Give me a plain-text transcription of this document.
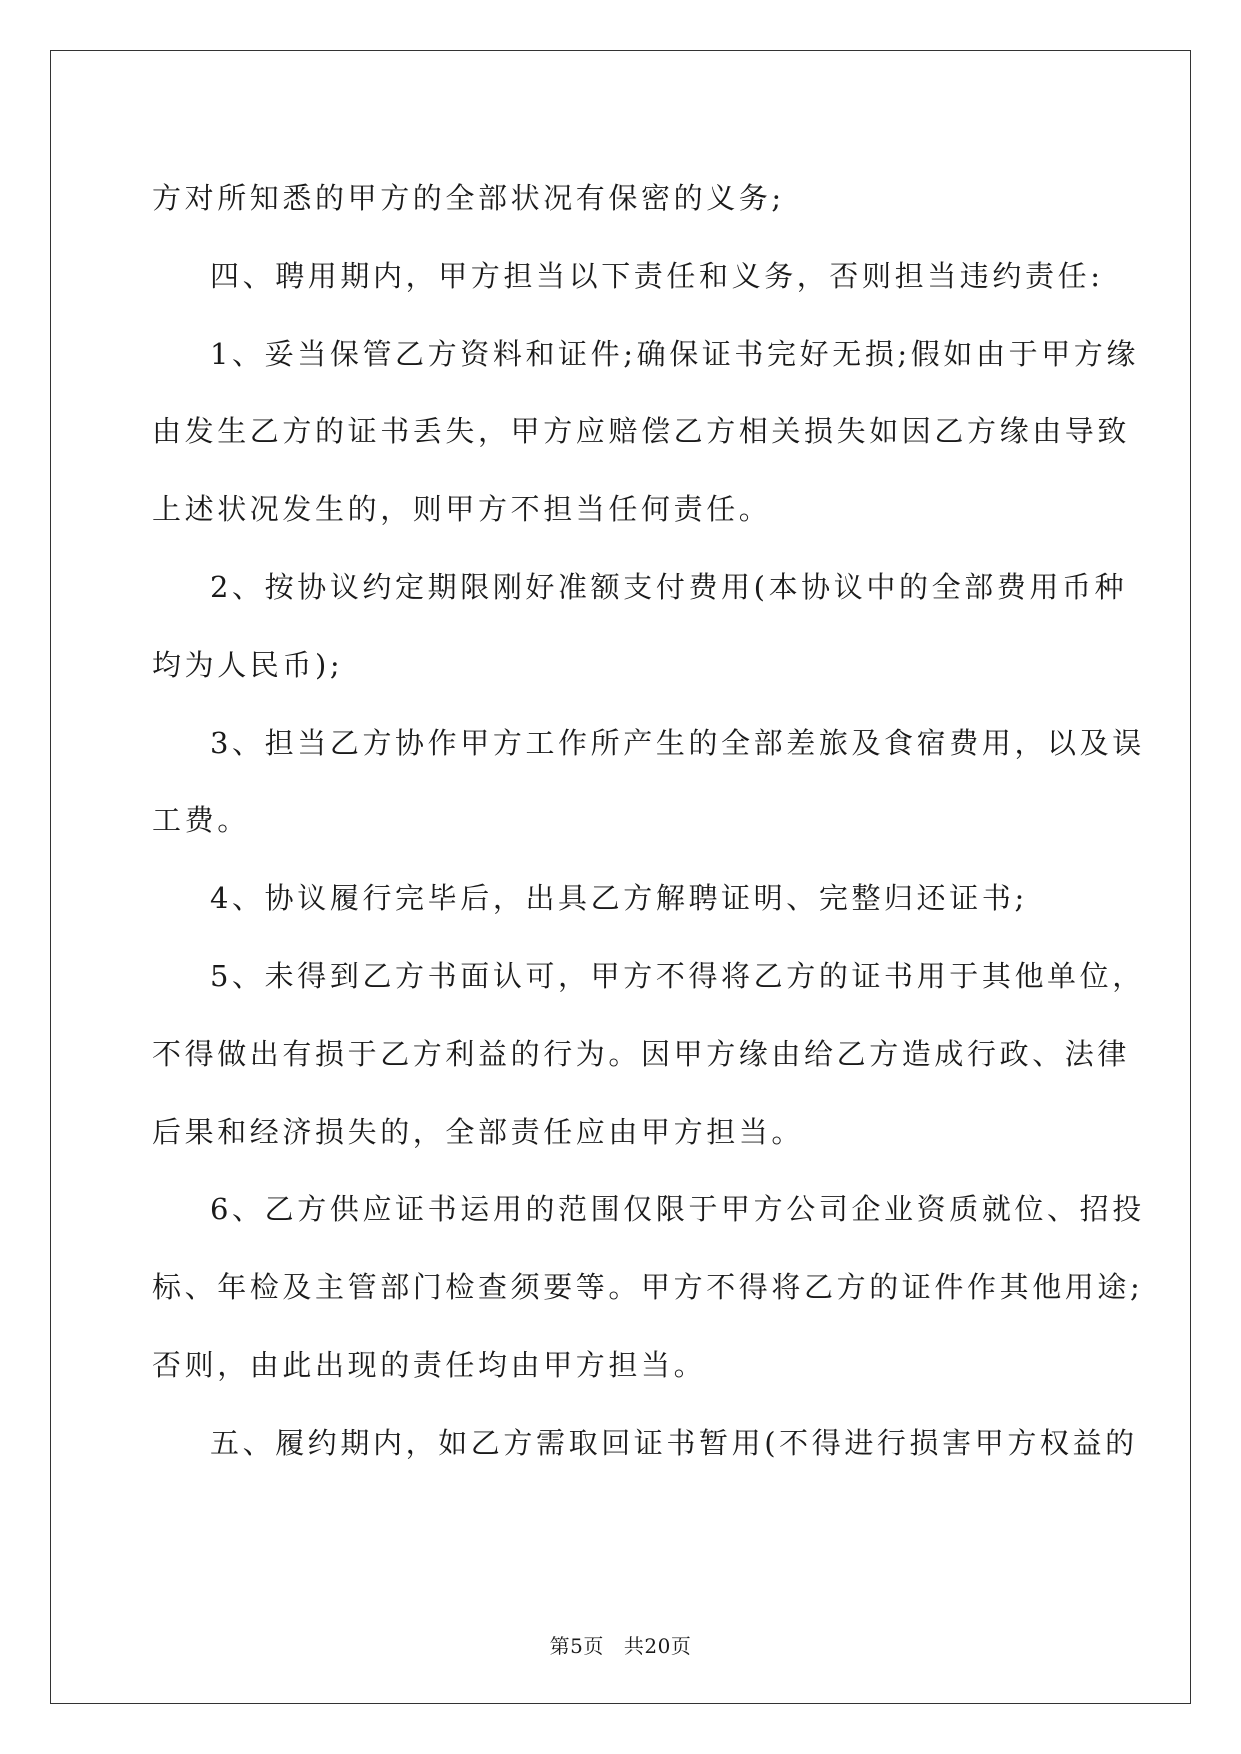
方对所知悉的甲方的全部状况有保密的义务;
四、聘用期内，甲方担当以下责任和义务，否则担当违约责任:
1、妥当保管乙方资料和证件;确保证书完好无损;假如由于甲方缘
由发生乙方的证书丢失，甲方应赔偿乙方相关损失如因乙方缘由导致
上述状况发生的，则甲方不担当任何责任。
2、按协议约定期限刚好准额支付费用(本协议中的全部费用币种
均为人民币);
3、担当乙方协作甲方工作所产生的全部差旅及食宿费用，以及误
工费。
4、协议履行完毕后，出具乙方解聘证明、完整归还证书;
5、未得到乙方书面认可，甲方不得将乙方的证书用于其他单位，
不得做出有损于乙方利益的行为。因甲方缘由给乙方造成行政、法律
后果和经济损失的，全部责任应由甲方担当。
6、乙方供应证书运用的范围仅限于甲方公司企业资质就位、招投
标、年检及主管部门检查须要等。甲方不得将乙方的证件作其他用途;
否则，由此出现的责任均由甲方担当。
五、履约期内，如乙方需取回证书暂用(不得进行损害甲方权益的
第5页 共20页
